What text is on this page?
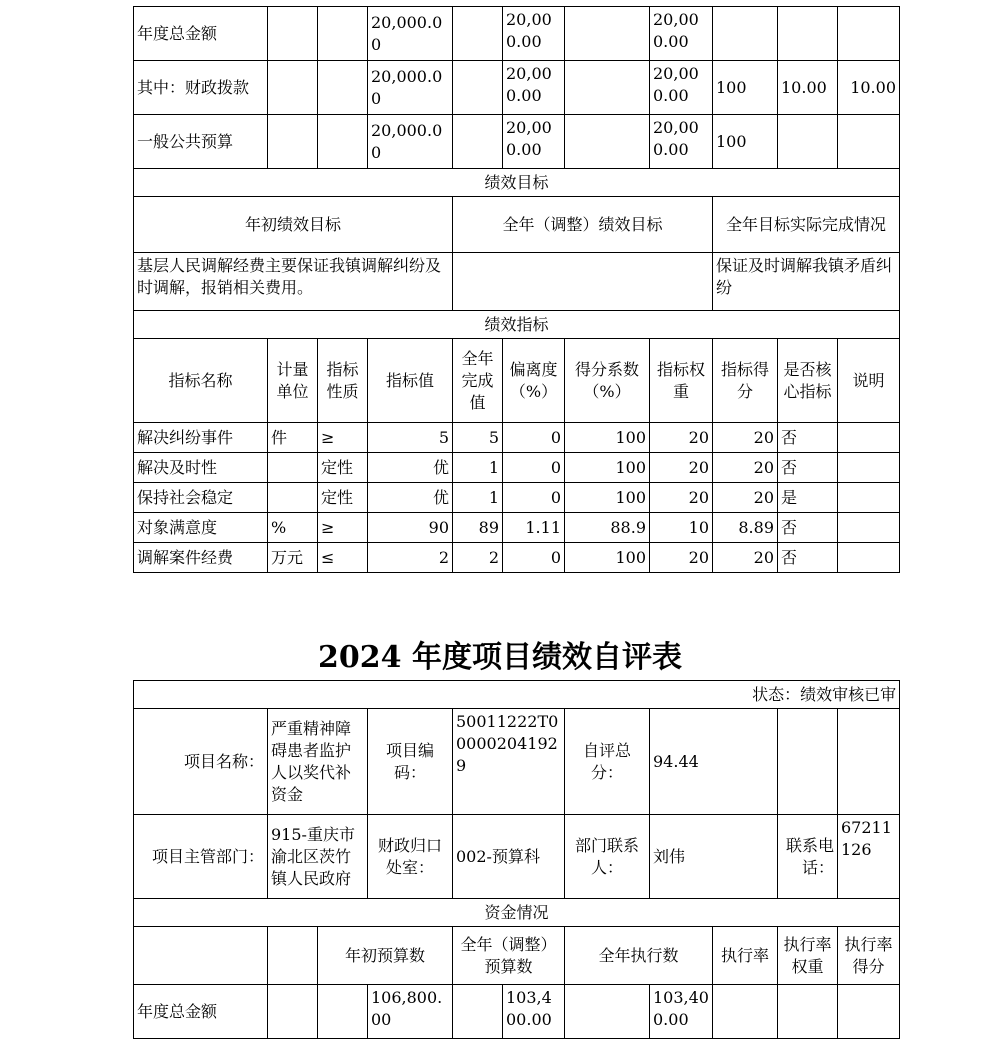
年度总金额			20,000.00		20,000.00		20,000.00			
其中：财政拨款			20,000.00		20,000.00		20,000.00	100	10.00	10.00
一般公共预算			20,000.00		20,000.00		20,000.00	100		
绩效目标										
年初绩效目标				全年（调整）绩效目标				全年目标实际完成情况		
基层人民调解经费主要保证我镇调解纠纷及时调解，报销相关费用。								保证及时调解我镇矛盾纠纷		
绩效指标										
指标名称	计量单位	指标性质	指标值	全年完成值	偏离度（%）	得分系数（%）	指标权重	指标得分	是否核心指标	说明
解决纠纷事件	件	≥	5	5	0	100	20	20	否	
解决及时性		定性	优	1	0	100	20	20	否	
保持社会稳定		定性	优	1	0	100	20	20	是	
对象满意度	%	≥	90	89	1.11	88.9	10	8.89	否	
调解案件经费	万元	≤	2	2	0	100	20	20	否	
2024 年度项目绩效自评表
状态：绩效审核已审										
项目名称：	严重精神障碍患者监护人以奖代补资金		项目编码：	50011222T000002041929		自评总分：	94.44			
项目主管部门：	915-重庆市渝北区茨竹镇人民政府		财政归口处室：	002-预算科		部门联系人：	刘伟		联系电话：	67211126
资金情况										
		年初预算数		全年（调整）预算数		全年执行数		执行率	执行率权重	执行率得分
年度总金额			106,800.00		103,400.00		103,400.00			
